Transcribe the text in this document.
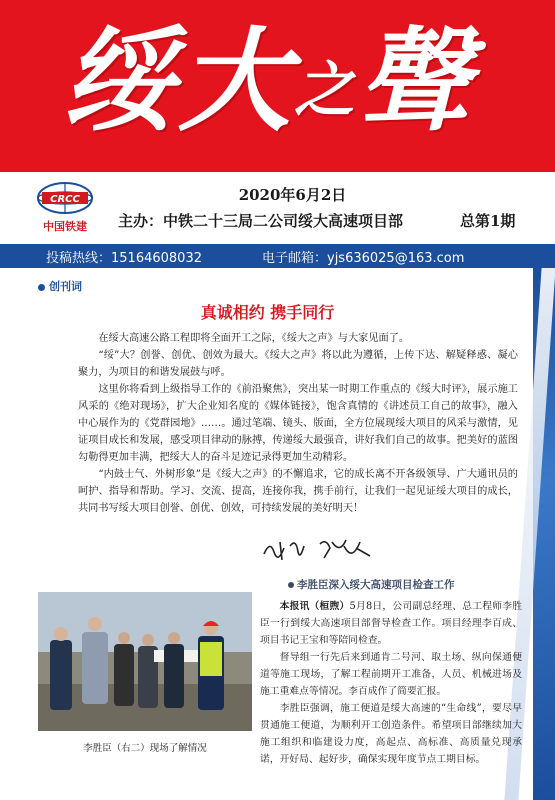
绥大之聲
CRCC
中国铁建
2020年6月2日
主办：中铁二十三局二公司绥大高速项目部	总第1期
投稿热线：15164608032	电子邮箱：yjs636025@163.com
创刊词
真诚相约 携手同行

在绥大高速公路工程即将全面开工之际，《绥大之声》与大家见面了。

“绥”大？创誉、创优、创效为最大。《绥大之声》将以此为遵循，上传下达、解疑释惑、凝心聚力，为项目的和谐发展鼓与呼。

这里你将看到上级指导工作的《前沿聚焦》，突出某一时期工作重点的《绥大时评》，展示施工风采的《绝对现场》，扩大企业知名度的《媒体链接》，饱含真情的《讲述员工自己的故事》，融入中心展作为的《党群园地》……。通过笔端、镜头、版面，全方位展现绥大项目的风采与激情，见证项目成长和发展，感受项目律动的脉搏，传递绥大最强音，讲好我们自己的故事。把美好的蓝图勾勒得更加丰满，把绥大人的奋斗足迹记录得更加生动精彩。

“内鼓士气、外树形象”是《绥大之声》的不懈追求，它的成长离不开各级领导、广大通讯员的呵护、指导和帮助。学习、交流、提高，连接你我，携手前行，让我们一起见证绥大项目的成长，共同书写绥大项目创誉、创优、创效，可持续发展的美好明天！

李胜臣深入绥大高速项目检查工作
李胜臣（右二）现场了解情况

本报讯（桓煦）5月8日，公司副总经理、总工程师李胜臣一行到绥大高速项目部督导检查工作。项目经理李百成、项目书记王宝和等陪同检查。

督导组一行先后来到通肯二号河、取土场、纵向保通便道等施工现场，了解工程前期开工准备，人员、机械进场及施工重难点等情况。李百成作了简要汇报。

李胜臣强调，施工便道是绥大高速的“生命线”，要尽早贯通施工便道，为顺利开工创造条件。希望项目部继续加大施工组织和临建设力度，高起点、高标准、高质量兑现承诺，开好局、起好步，确保实现年度节点工期目标。
